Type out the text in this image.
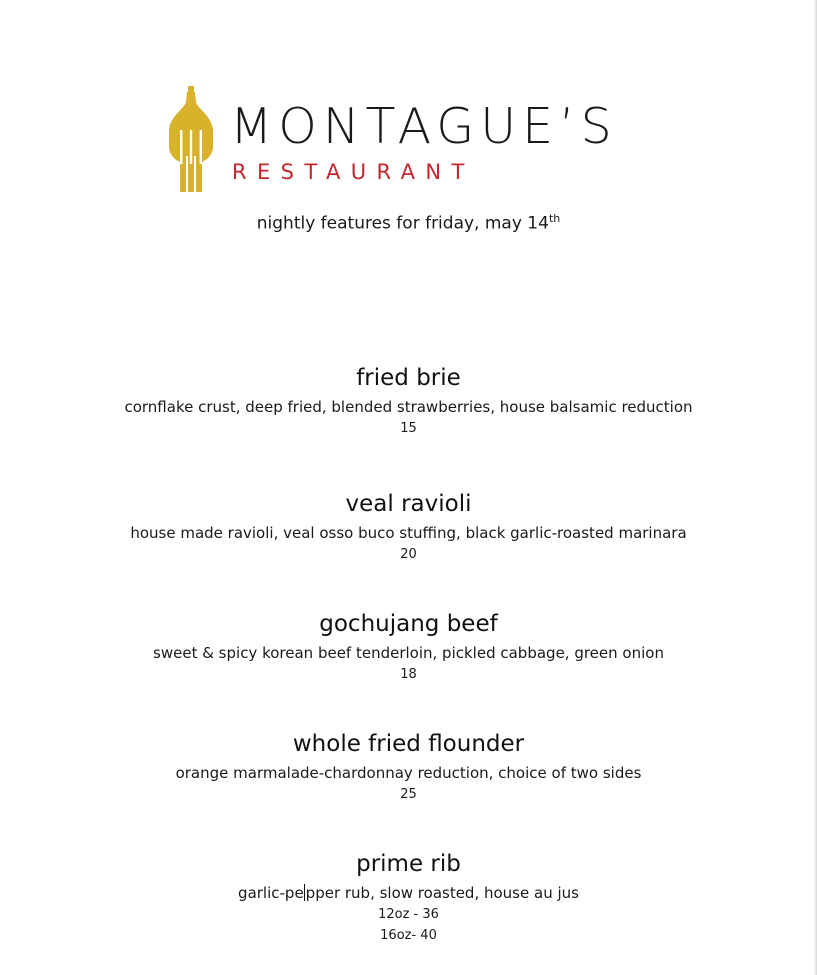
MONTAGUE’S
RESTAURANT
nightly features for friday, may 14th
fried brie
cornflake crust, deep fried, blended strawberries, house balsamic reduction
15
veal ravioli
house made ravioli, veal osso buco stuffing, black garlic-roasted marinara
20
gochujang beef
sweet & spicy korean beef tenderloin, pickled cabbage, green onion
18
whole fried flounder
orange marmalade-chardonnay reduction, choice of two sides
25
prime rib
garlic-pe pper rub, slow roasted, house au jus
12oz - 36
16oz- 40
